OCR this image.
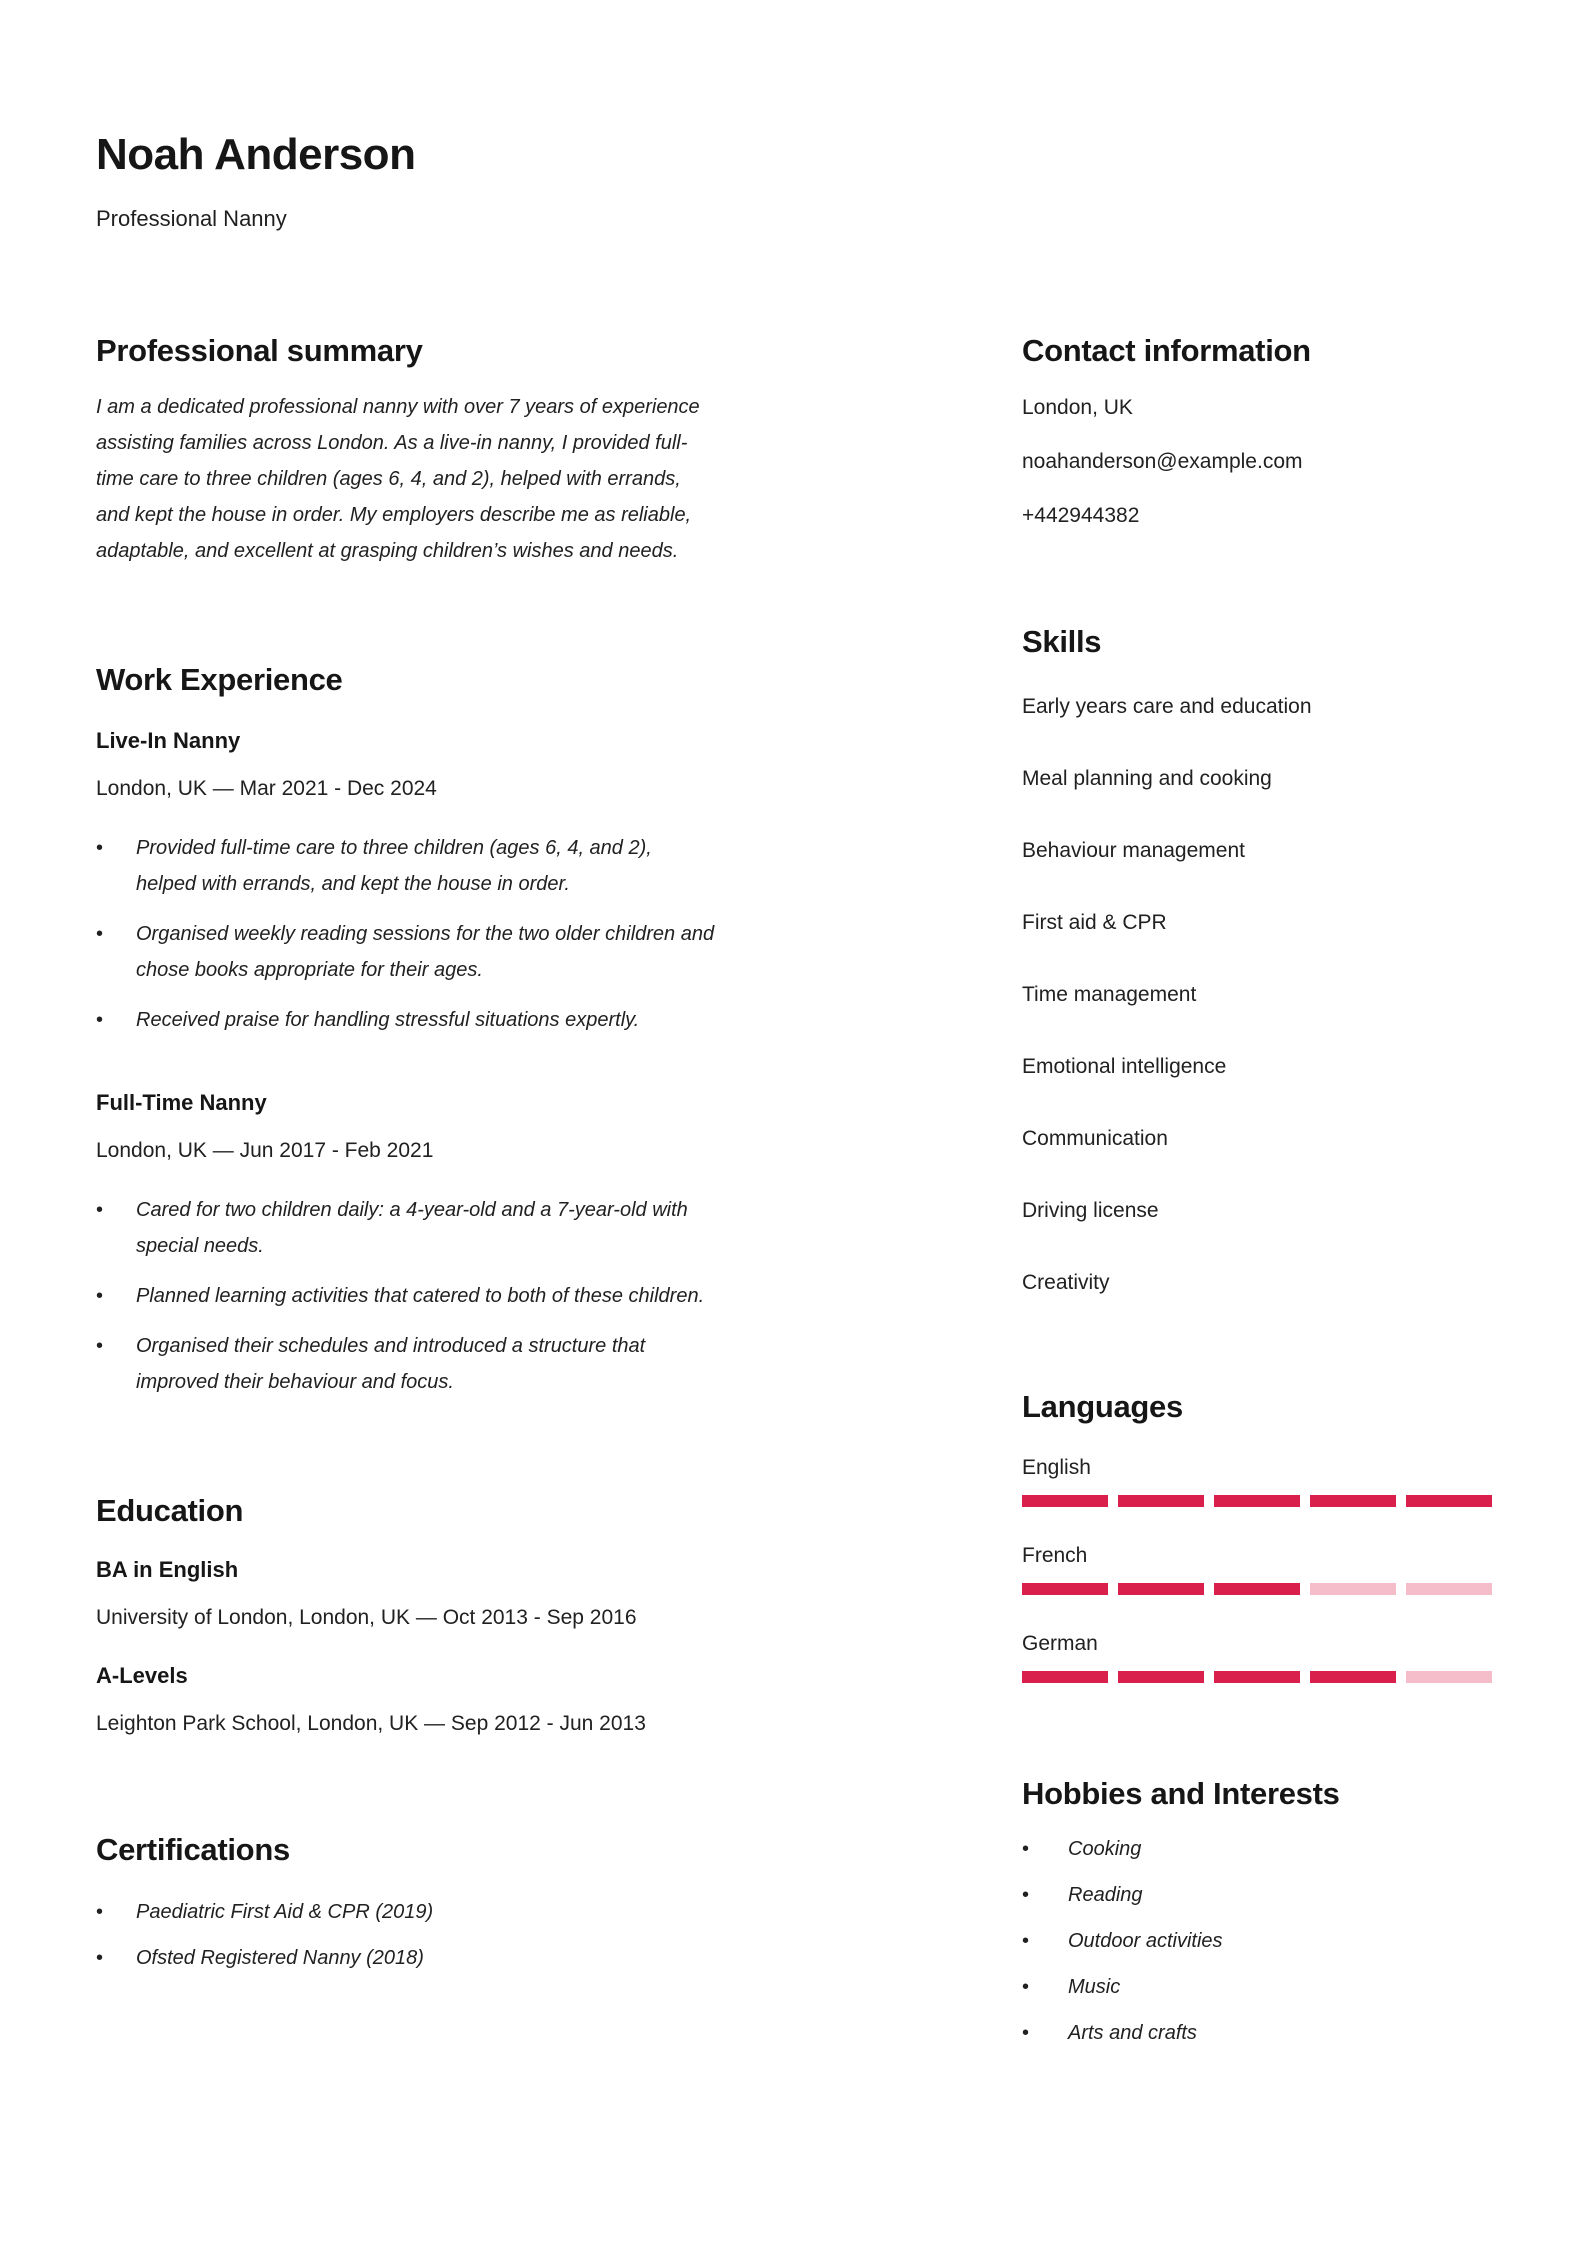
Noah Anderson
Professional Nanny
Professional summary

I am a dedicated professional nanny with over 7 years of experience assisting families across London. As a live-in nanny, I provided full-time care to three children (ages 6, 4, and 2), helped with errands, and kept the house in order. My employers describe me as reliable, adaptable, and excellent at grasping children’s wishes and needs.

Work Experience
Live-In Nanny
London, UK — Mar 2021 - Dec 2024
•
Provided full-time care to three children (ages 6, 4, and 2), helped with errands, and kept the house in order.
•
Organised weekly reading sessions for the two older children and chose books appropriate for their ages.
•
Received praise for handling stressful situations expertly.
Full-Time Nanny
London, UK — Jun 2017 - Feb 2021
•
Cared for two children daily: a 4-year-old and a 7-year-old with special needs.
•
Planned learning activities that catered to both of these children.
•
Organised their schedules and introduced a structure that improved their behaviour and focus.
Education
BA in English
University of London, London, UK — Oct 2013 - Sep 2016
A-Levels
Leighton Park School, London, UK — Sep 2012 - Jun 2013
Certifications
•
Paediatric First Aid & CPR (2019)
•
Ofsted Registered Nanny (2018)
Contact information
London, UK
noahanderson@example.com
+442944382
Skills
Early years care and education
Meal planning and cooking
Behaviour management
First aid & CPR
Time management
Emotional intelligence
Communication
Driving license
Creativity
Languages
English
French
German
Hobbies and Interests
•
Cooking
•
Reading
•
Outdoor activities
•
Music
•
Arts and crafts
